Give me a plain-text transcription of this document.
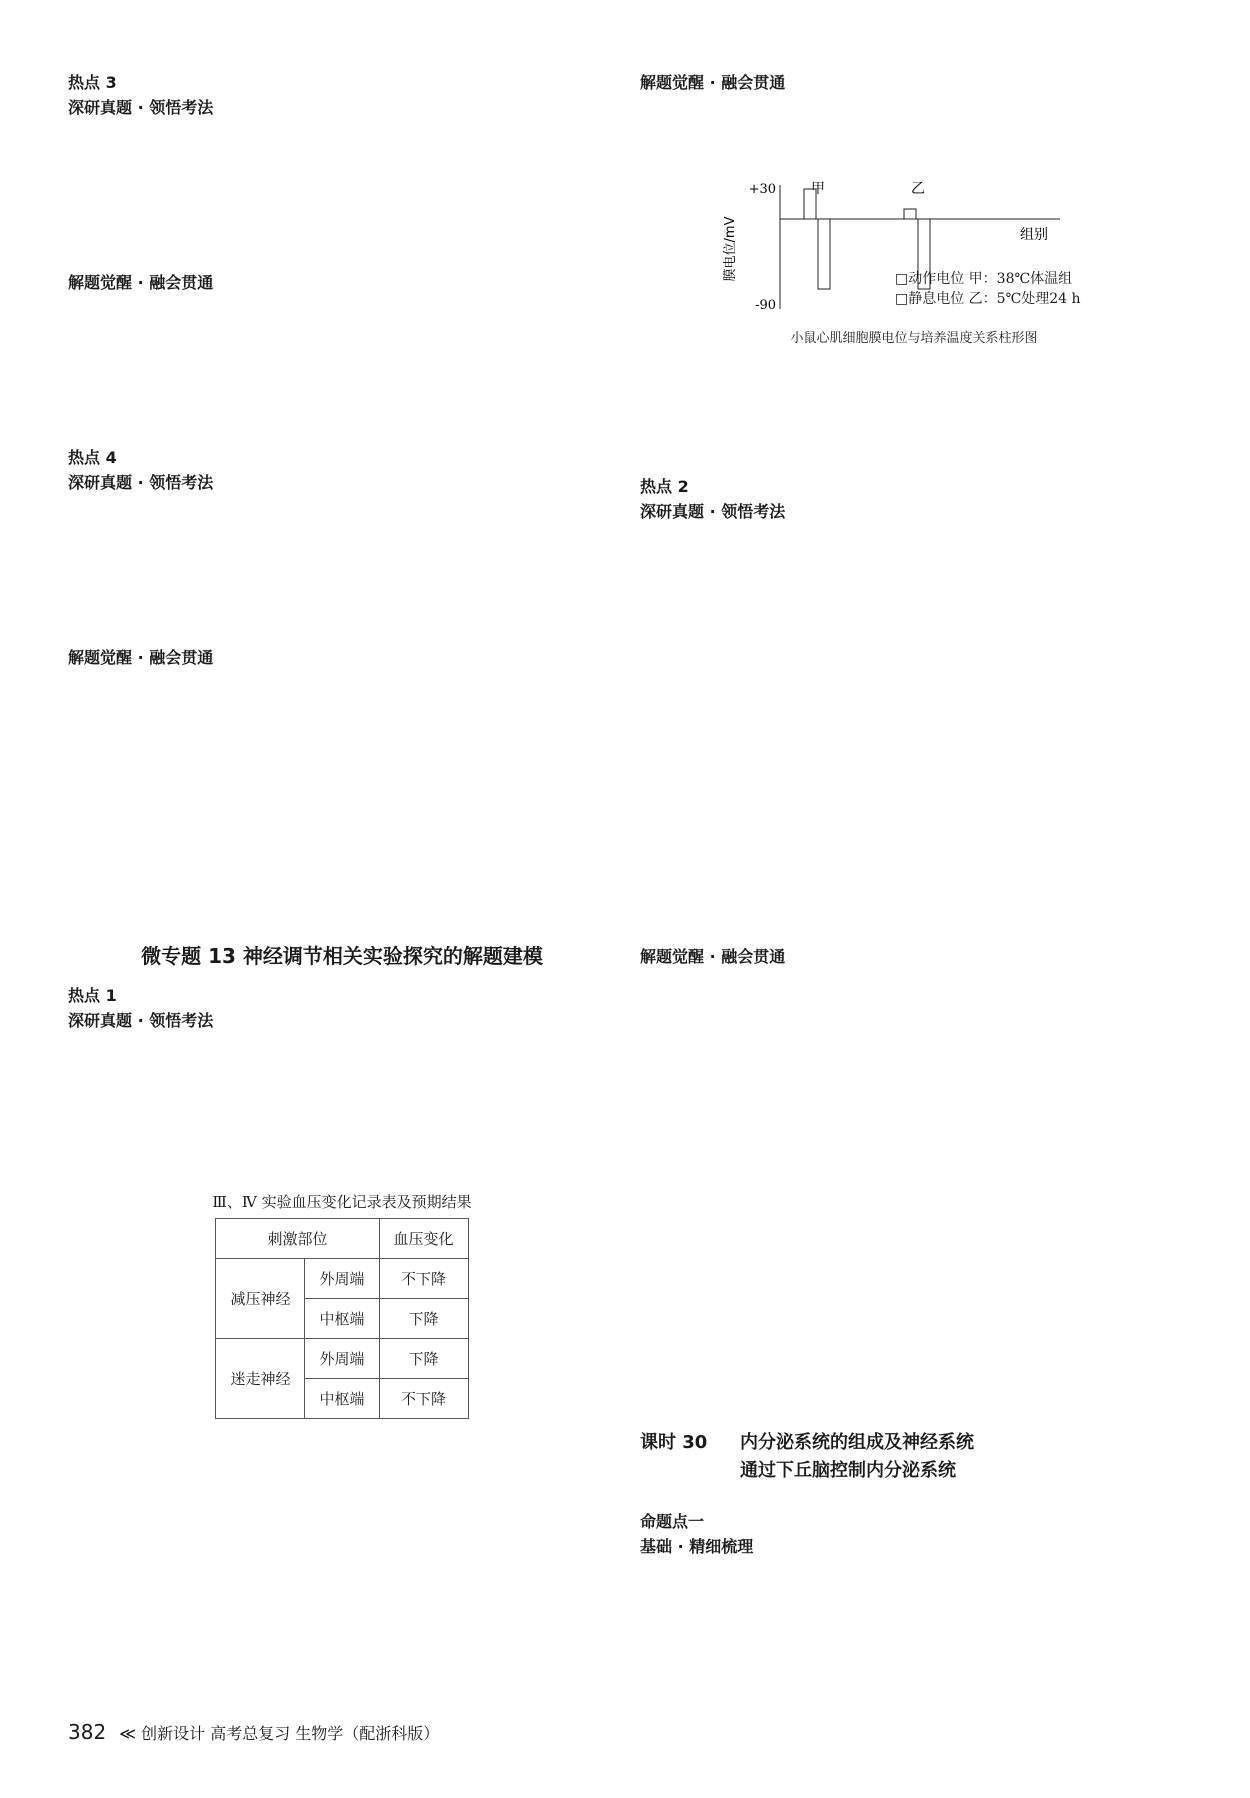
热点 3
深研真题 · 领悟考法
解题觉醒 · 融会贯通
热点 4
深研真题 · 领悟考法
解题觉醒 · 融会贯通
微专题 13 神经调节相关实验探究的解题建模
热点 1
深研真题 · 领悟考法
Ⅲ、Ⅳ 实验血压变化记录表及预期结果
刺激部位		血压变化
减压神经	外周端	不下降
	中枢端	下降
迷走神经	外周端	下降
	中枢端	不下降
解题觉醒 · 融会贯通
+30
-90
膜电位/mV	组别
甲	乙
□动作电位 甲：38℃体温组
□静息电位 乙：5℃处理24 h
小鼠心肌细胞膜电位与培养温度关系柱形图
热点 2
深研真题 · 领悟考法
解题觉醒 · 融会贯通
课时 30 内分泌系统的组成及神经系统
通过下丘脑控制内分泌系统
命题点一
基础 · 精细梳理
382 ≪ 创新设计 高考总复习 生物学（配浙科版）
